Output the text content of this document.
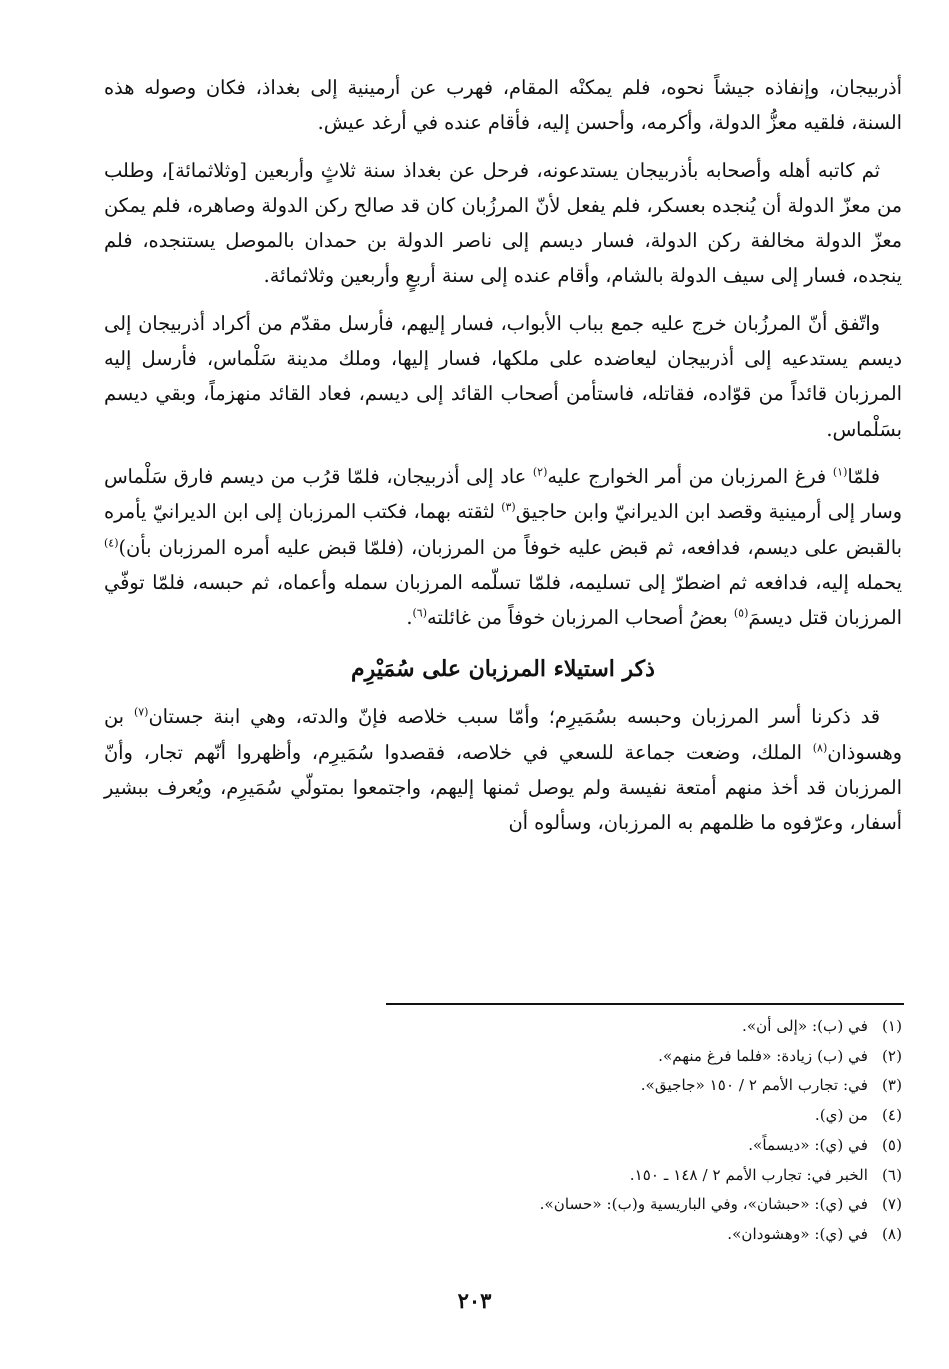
أذربيجان، وإنفاذه جيشاً نحوه، فلم يمكنْه المقام، فهرب عن أرمينية إلى بغداذ، فكان وصوله هذه السنة، فلقيه معزُّ الدولة، وأكرمه، وأحسن إليه، فأقام عنده في أرغد عيش.

ثم كاتبه أهله وأصحابه بأذربيجان يستدعونه، فرحل عن بغداذ سنة ثلاثٍ وأربعين [وثلاثمائة]، وطلب من معزّ الدولة أن يُنجده بعسكر، فلم يفعل لأنّ المرزُبان كان قد صالح ركن الدولة وصاهره، فلم يمكن معزّ الدولة مخالفة ركن الدولة، فسار ديسم إلى ناصر الدولة بن حمدان بالموصل يستنجده، فلم ينجده، فسار إلى سيف الدولة بالشام، وأقام عنده إلى سنة أربعٍ وأربعين وثلاثمائة.

واتّفق أنّ المرزُبان خرج عليه جمع بباب الأبواب، فسار إليهم، فأرسل مقدّم من أكراد أذربيجان إلى ديسم يستدعيه إلى أذربيجان ليعاضده على ملكها، فسار إليها، وملك مدينة سَلْماس، فأرسل إليه المرزبان قائداً من قوّاده، فقاتله، فاستأمن أصحاب القائد إلى ديسم، فعاد القائد منهزماً، وبقي ديسم بسَلْماس.

فلمّا$^{(١)}$ فرغ المرزبان من أمر الخوارج عليه$^{(٢)}$ عاد إلى أذربيجان، فلمّا قرُب من ديسم فارق سَلْماس وسار إلى أرمينية وقصد ابن الديرانيّ وابن حاجيق$^{(٣)}$ لثقته بهما، فكتب المرزبان إلى ابن الديرانيّ يأمره بالقبض على ديسم، فدافعه، ثم قبض عليه خوفاً من المرزبان، (فلمّا قبض عليه أمره المرزبان بأن)$^{(٤)}$ يحمله إليه، فدافعه ثم اضطرّ إلى تسليمه، فلمّا تسلّمه المرزبان سمله وأعماه، ثم حبسه، فلمّا توفّي المرزبان قتل ديسمَ$^{(٥)}$ بعضُ أصحاب المرزبان خوفاً من غائلته$^{(٦)}$.

ذكر استيلاء المرزبان على سُمَيْرِم

قد ذكرنا أسر المرزبان وحبسه بسُمَيرِم؛ وأمّا سبب خلاصه فإنّ والدته، وهي ابنة جستان$^{(٧)}$ بن وهسوذان$^{(٨)}$ الملك، وضعت جماعة للسعي في خلاصه، فقصدوا سُمَيرِم، وأظهروا أنّهم تجار، وأنّ المرزبان قد أخذ منهم أمتعة نفيسة ولم يوصل ثمنها إليهم، واجتمعوا بمتولّي سُمَيرِم، ويُعرف ببشير أسفار، وعرّفوه ما ظلمهم به المرزبان، وسألوه أن

(١)في (ب): «إلى أن».

(٢)في (ب) زيادة: «فلما فرغ منهم».

(٣)في: تجارب الأمم ٢ / ١٥٠ «جاجيق».

(٤)من (ي).

(٥)في (ي): «ديسماً».

(٦)الخبر في: تجارب الأمم ٢ / ١٤٨ ـ ١٥٠.

(٧)في (ي): «حبشان»، وفي الباريسية و(ب): «حسان».

(٨)في (ي): «وهشودان».

٢٠٣
